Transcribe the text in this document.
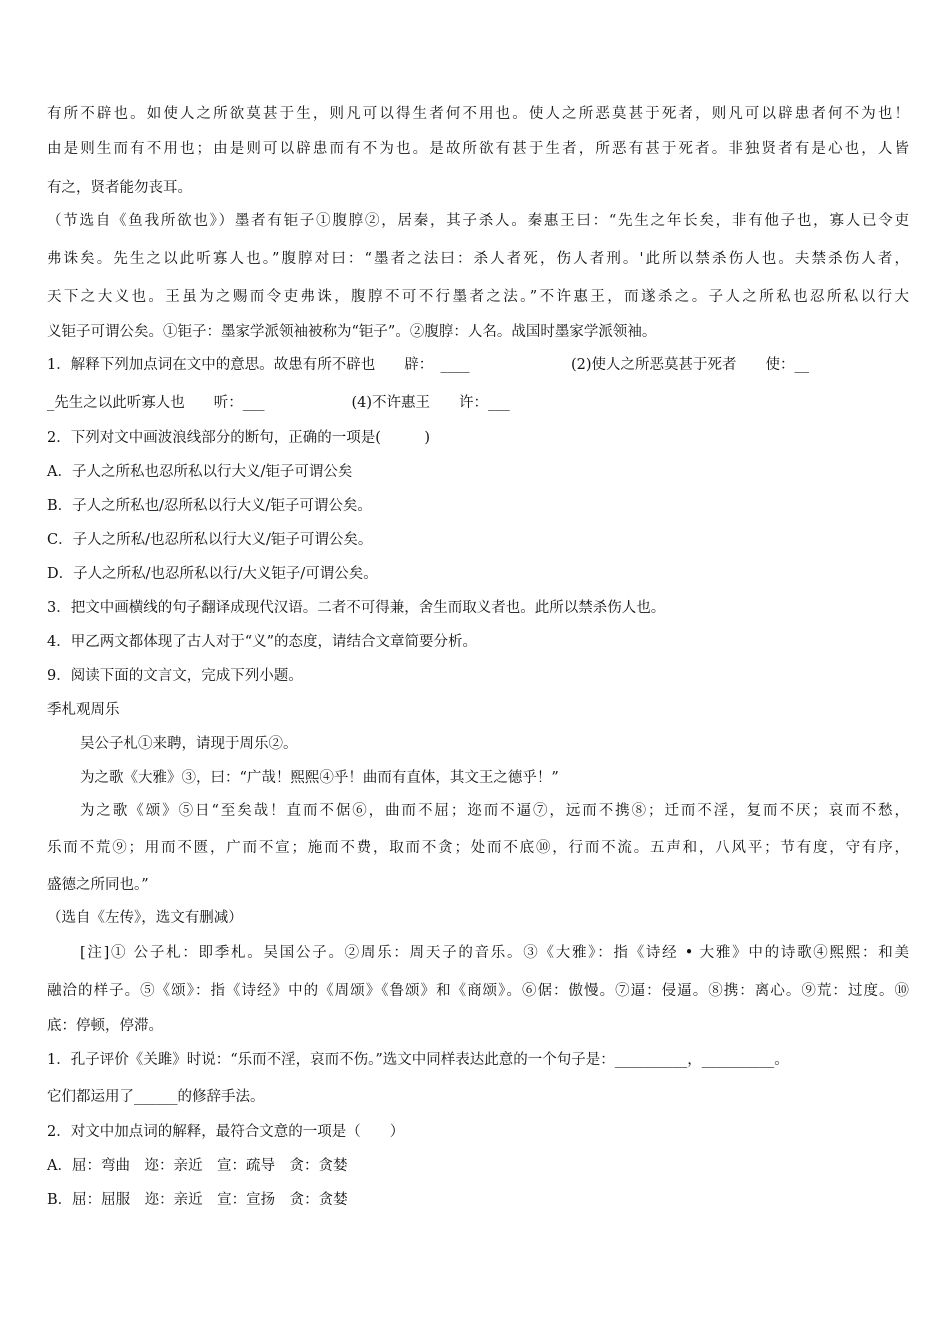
有所不辟也。如使人之所欲莫甚于生，则凡可以得生者何不用也。使人之所恶莫甚于死者，则凡可以辟患者何不为也！
由是则生而有不用也；由是则可以辟患而有不为也。是故所欲有甚于生者，所恶有甚于死者。非独贤者有是心也，人皆
有之，贤者能勿丧耳。
（节选自《鱼我所欲也》）墨者有钜子①腹朜②，居秦，其子杀人。秦惠王曰：“先生之年长矣，非有他子也，寡人已令吏
弗诛矣。先生之以此听寡人也。”腹朜对曰：“墨者之法曰：杀人者死，伤人者刑。'此所以禁杀伤人也。夫禁杀伤人者，
天下之大义也。王虽为之赐而令吏弗诛，腹朜不可不行墨者之法。”不许惠王，而遂杀之。子人之所私也忍所私以行大
义钜子可谓公矣。①钜子：墨家学派领袖被称为“钜子”。②腹朜：人名。战国时墨家学派领袖。
1．解释下列加点词在文中的意思。故患有所不辟也　　辟：　____　　　　　　　(2)使人之所恶莫甚于死者　　使：__
_先生之以此听寡人也　　听：___　　　　　　(4)不许惠王　　许：___
2．下列对文中画波浪线部分的断句，正确的一项是(　　　)
A．子人之所私也忍所私以行大义/钜子可谓公矣
B．子人之所私也/忍所私以行大义/钜子可谓公矣。
C．子人之所私/也忍所私以行大义/钜子可谓公矣。
D．子人之所私/也忍所私以行/大义钜子/可谓公矣。
3．把文中画横线的句子翻译成现代汉语。二者不可得兼，舍生而取义者也。此所以禁杀伤人也。
4．甲乙两文都体现了古人对于“义”的态度，请结合文章简要分析。
9．阅读下面的文言文，完成下列小题。
季札观周乐
吴公子札①来聘，请现于周乐②。
为之歌《大雅》③，曰：“广哉！熙熙④乎！曲而有直体，其文王之德乎！”
为之歌《颂》⑤日“至矣哉！直而不倨⑥，曲而不屈；迩而不逼⑦，远而不携⑧；迁而不淫，复而不厌；哀而不愁，
乐而不荒⑨；用而不匮，广而不宣；施而不费，取而不贪；处而不底⑩，行而不流。五声和，八风平；节有度，守有序，
盛德之所同也。”
（选自《左传》，选文有删减）
[注]① 公子札：即季札。吴国公子。②周乐：周天子的音乐。③《大雅》：指《诗经 • 大雅》中的诗歌④熙熙：和美
融洽的样子。⑤《颂》：指《诗经》中的《周颂》《鲁颂》和《商颂》。⑥倨：傲慢。⑦逼：侵逼。⑧携：离心。⑨荒：过度。⑩
底：停顿，停滞。
1．孔子评价《关雎》时说：“乐而不淫，哀而不伤。”选文中同样表达此意的一个句子是：__________，__________。
它们都运用了______的修辞手法。
2．对文中加点词的解释，最符合文意的一项是（　　）
A．屈：弯曲　迩：亲近　宣：疏导　贪：贪婪
B．屈：屈服　迩：亲近　宣：宣扬　贪：贪婪
